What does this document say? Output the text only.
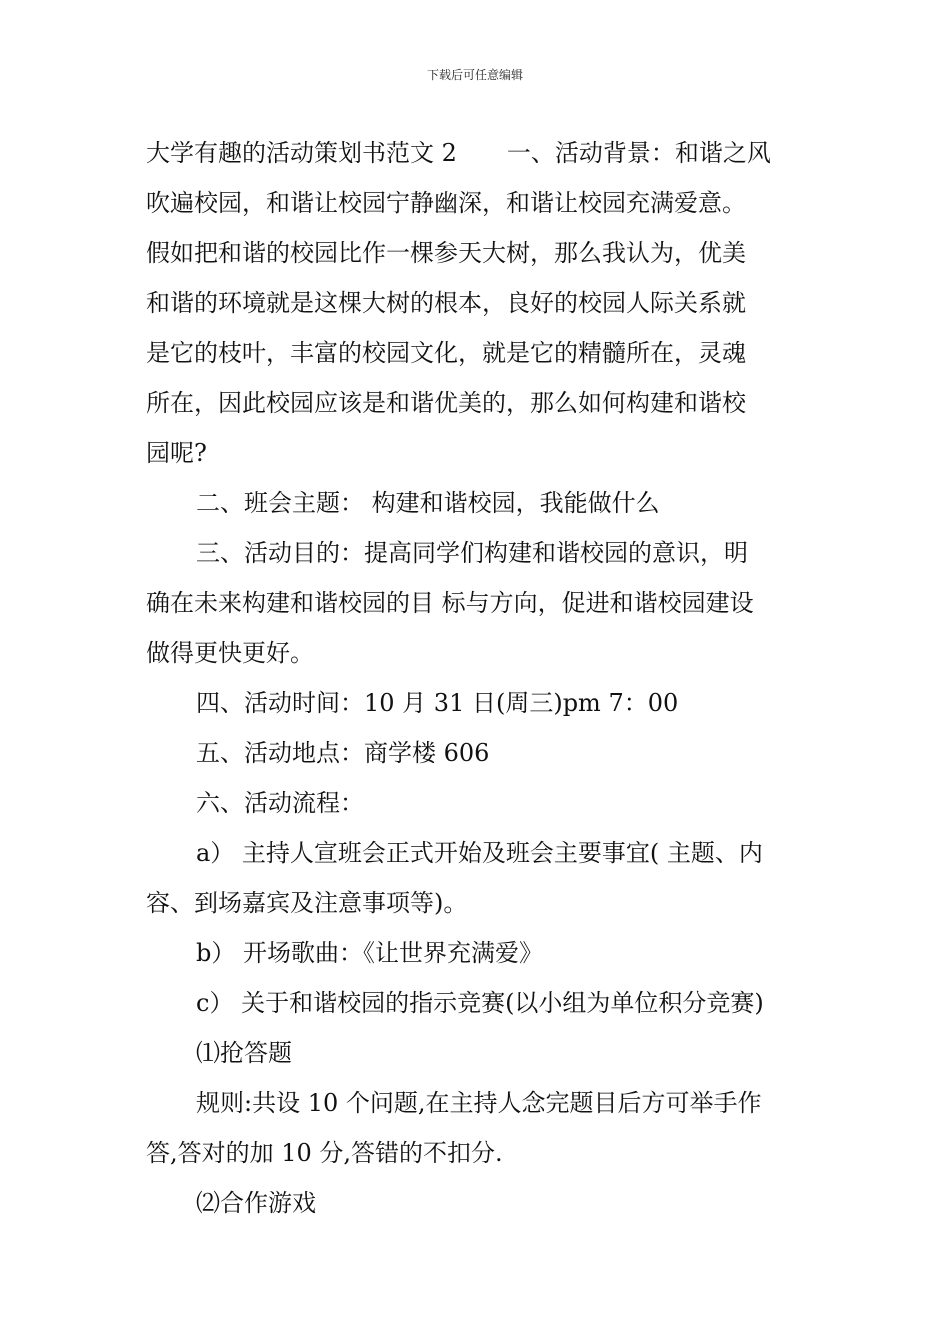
下载后可任意编辑
大学有趣的活动策划书范文 2 一、活动背景：和谐之风
吹遍校园，和谐让校园宁静幽深，和谐让校园充满爱意。
假如把和谐的校园比作一棵参天大树，那么我认为，优美
和谐的环境就是这棵大树的根本，良好的校园人际关系就
是它的枝叶，丰富的校园文化，就是它的精髓所在，灵魂
所在，因此校园应该是和谐优美的，那么如何构建和谐校
园呢?
二、班会主题： 构建和谐校园，我能做什么
三、活动目的：提高同学们构建和谐校园的意识，明
确在未来构建和谐校园的目 标与方向，促进和谐校园建设
做得更快更好。
四、活动时间：10 月 31 日(周三)pm 7：00
五、活动地点：商学楼 606
六、活动流程：
a） 主持人宣班会正式开始及班会主要事宜( 主题、内
容、到场嘉宾及注意事项等)。
b） 开场歌曲：《让世界充满爱》
c） 关于和谐校园的指示竞赛(以小组为单位积分竞赛)
⑴抢答题
规则:共设 10 个问题,在主持人念完题目后方可举手作
答,答对的加 10 分,答错的不扣分.
⑵合作游戏
